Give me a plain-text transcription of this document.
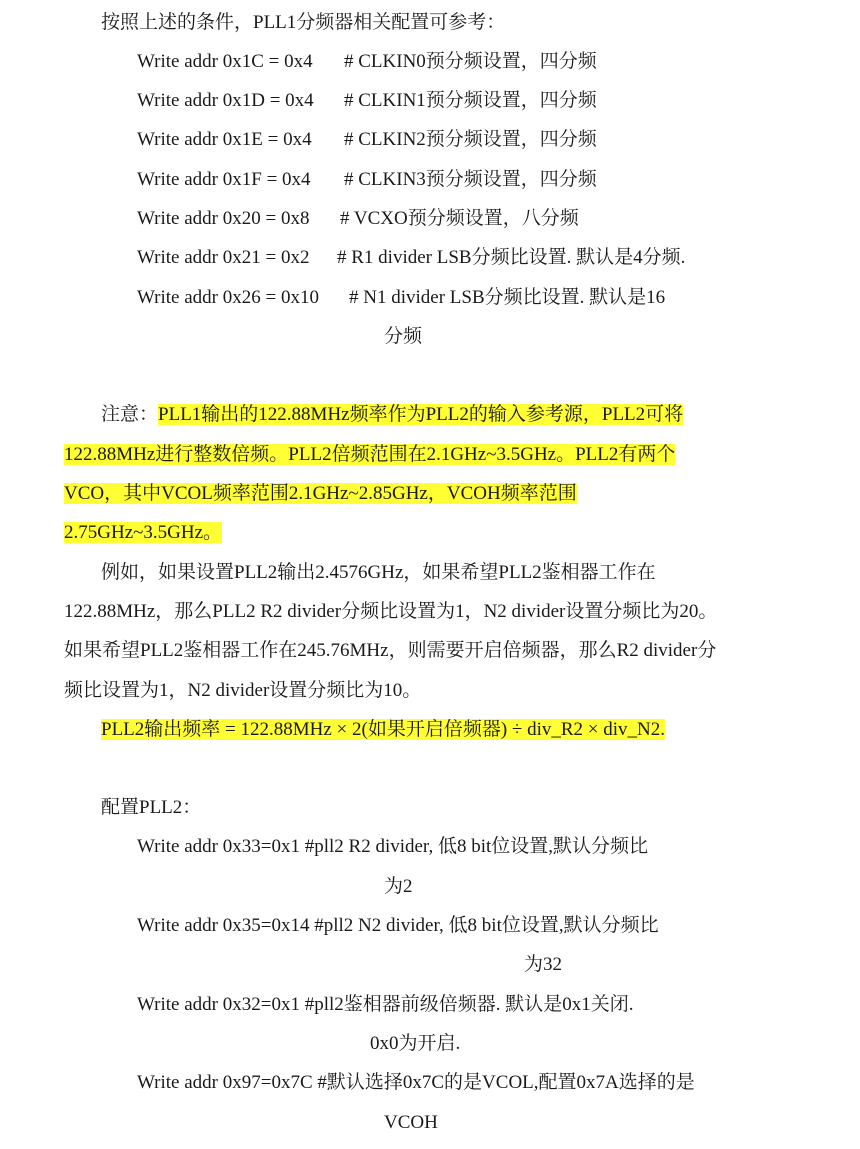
按照上述的条件，PLL1分频器相关配置可参考：
Write addr 0x1C = 0x4 # CLKIN0预分频设置，四分频
Write addr 0x1D = 0x4 # CLKIN1预分频设置，四分频
Write addr 0x1E = 0x4 # CLKIN2预分频设置，四分频
Write addr 0x1F = 0x4 # CLKIN3预分频设置，四分频
Write addr 0x20 = 0x8 # VCXO预分频设置，八分频
Write addr 0x21 = 0x2 # R1 divider LSB分频比设置. 默认是4分频.
Write addr 0x26 = 0x10 # N1 divider LSB分频比设置. 默认是16
分频
注意：PLL1输出的122.88MHz频率作为PLL2的输入参考源，PLL2可将
122.88MHz进行整数倍频。PLL2倍频范围在2.1GHz~3.5GHz。PLL2有两个
VCO，其中VCOL频率范围2.1GHz~2.85GHz，VCOH频率范围
2.75GHz~3.5GHz。
例如，如果设置PLL2输出2.4576GHz，如果希望PLL2鉴相器工作在
122.88MHz，那么PLL2 R2 divider分频比设置为1，N2 divider设置分频比为20。
如果希望PLL2鉴相器工作在245.76MHz，则需要开启倍频器，那么R2 divider分
频比设置为1，N2 divider设置分频比为10。
PLL2输出频率 = 122.88MHz × 2(如果开启倍频器) ÷ div_R2 × div_N2.
配置PLL2：
Write addr 0x33=0x1 #pll2 R2 divider, 低8 bit位设置,默认分频比
为2
Write addr 0x35=0x14 #pll2 N2 divider, 低8 bit位设置,默认分频比
为32
Write addr 0x32=0x1 #pll2鉴相器前级倍频器. 默认是0x1关闭.
0x0为开启.
Write addr 0x97=0x7C #默认选择0x7C的是VCOL,配置0x7A选择的是
VCOH
